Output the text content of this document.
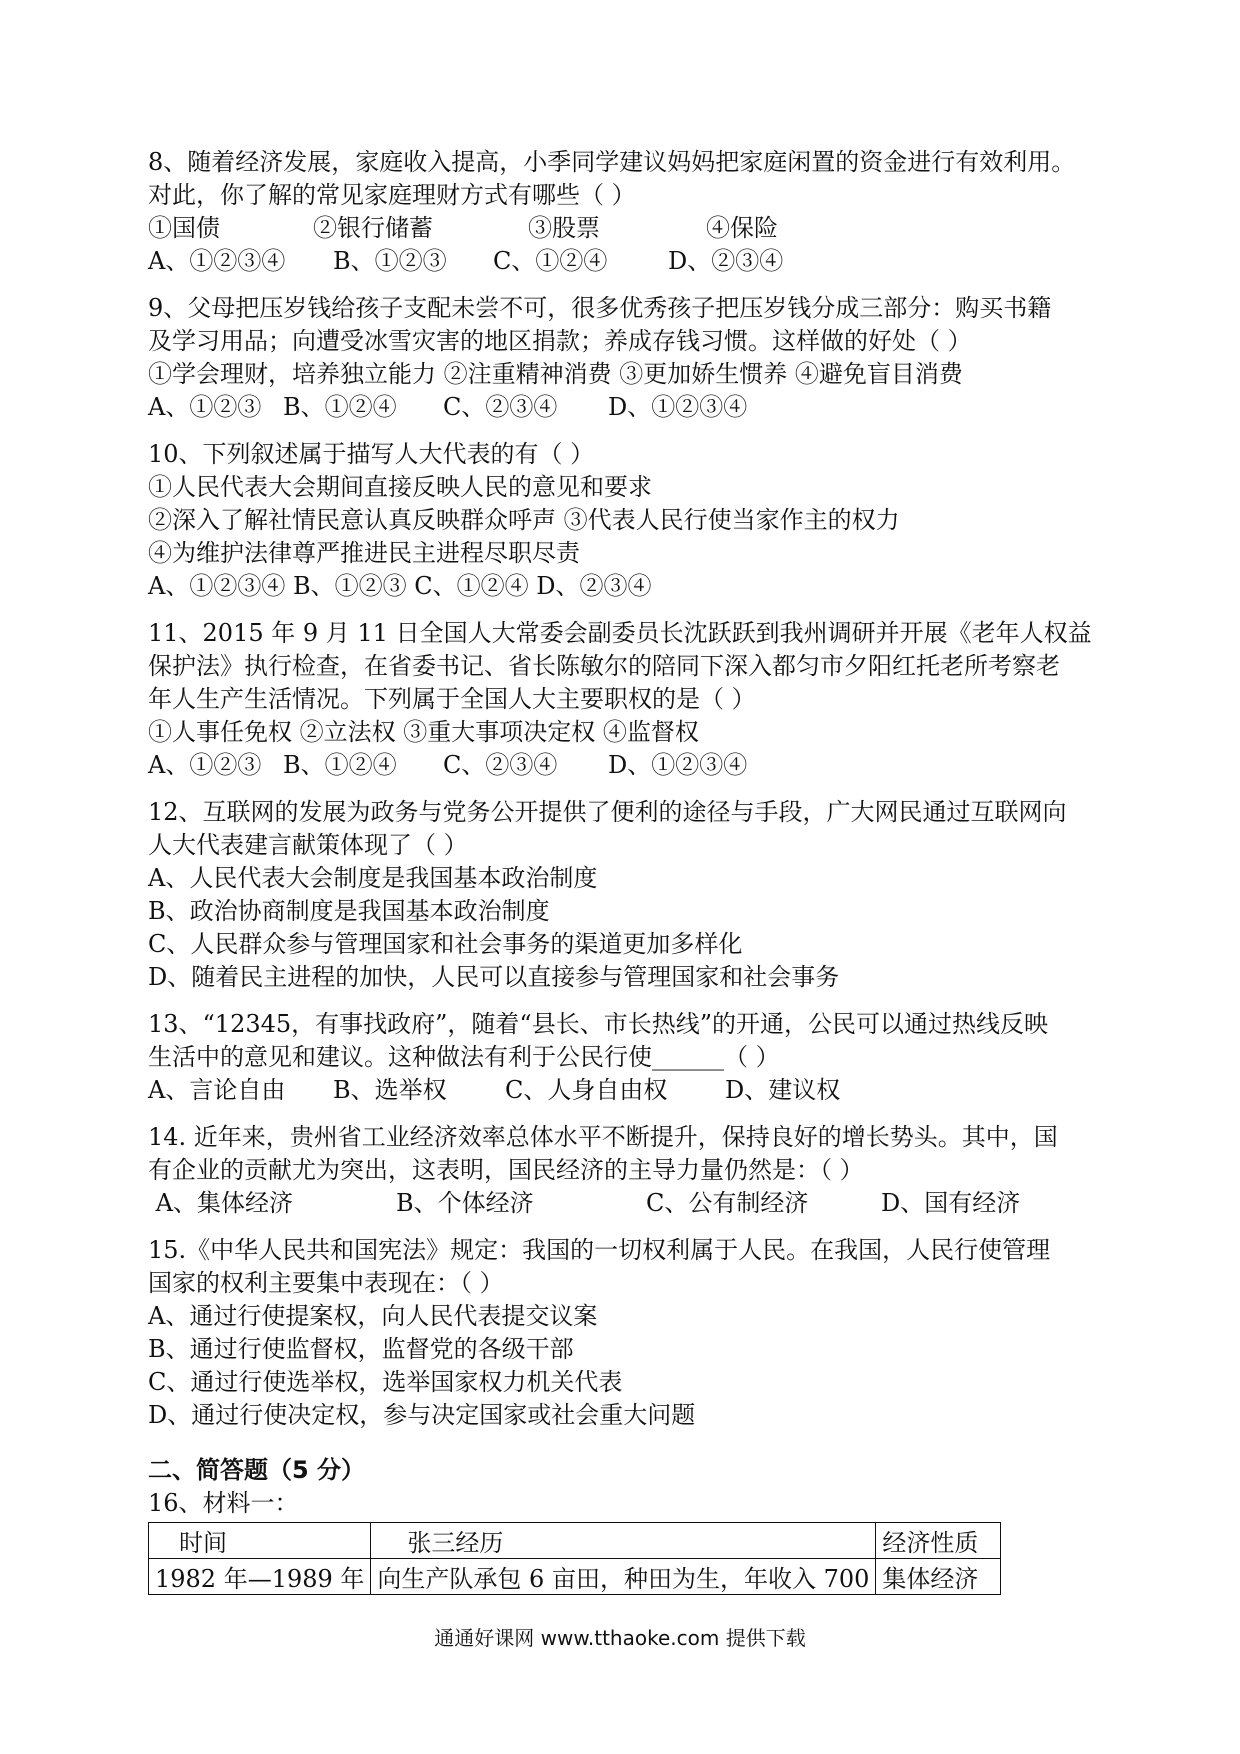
8、随着经济发展，家庭收入提高，小季同学建议妈妈把家庭闲置的资金进行有效利用。
对此，你了解的常见家庭理财方式有哪些（ ）
①国债	②银行储蓄	③股票	④保险
A、①②③④	B、①②③	C、①②④	D、②③④
9、父母把压岁钱给孩子支配未尝不可，很多优秀孩子把压岁钱分成三部分：购买书籍
及学习用品；向遭受冰雪灾害的地区捐款；养成存钱习惯。这样做的好处（ ）
①学会理财，培养独立能力 ②注重精神消费 ③更加娇生惯养 ④避免盲目消费
A、①②③ B、①②④	C、②③④	D、①②③④
10、下列叙述属于描写人大代表的有（ ）
①人民代表大会期间直接反映人民的意见和要求
②深入了解社情民意认真反映群众呼声 ③代表人民行使当家作主的权力
④为维护法律尊严推进民主进程尽职尽责
A、①②③④ B、①②③ C、①②④ D、②③④
11、2015 年 9 月 11 日全国人大常委会副委员长沈跃跃到我州调研并开展《老年人权益
保护法》执行检查，在省委书记、省长陈敏尔的陪同下深入都匀市夕阳红托老所考察老
年人生产生活情况。下列属于全国人大主要职权的是（ ）
①人事任免权 ②立法权 ③重大事项决定权 ④监督权
A、①②③ B、①②④	C、②③④	D、①②③④
12、互联网的发展为政务与党务公开提供了便利的途径与手段，广大网民通过互联网向
人大代表建言献策体现了（ ）
A、人民代表大会制度是我国基本政治制度
B、政治协商制度是我国基本政治制度
C、人民群众参与管理国家和社会事务的渠道更加多样化
D、随着民主进程的加快，人民可以直接参与管理国家和社会事务
13、“12345，有事找政府”，随着“县长、市长热线”的开通，公民可以通过热线反映
生活中的意见和建议。这种做法有利于公民行使______（ ）
A、言论自由	B、选举权	C、人身自由权	D、建议权
14. 近年来，贵州省工业经济效率总体水平不断提升，保持良好的增长势头。其中，国
有企业的贡献尤为突出，这表明，国民经济的主导力量仍然是：（ ）
A、集体经济	B、个体经济	C、公有制经济	D、国有经济
15.《中华人民共和国宪法》规定：我国的一切权利属于人民。在我国，人民行使管理
国家的权利主要集中表现在：（ ）
A、通过行使提案权，向人民代表提交议案
B、通过行使监督权，监督党的各级干部
C、通过行使选举权，选举国家权力机关代表
D、通过行使决定权，参与决定国家或社会重大问题
二、简答题（5 分）
16、材料一：
时间	张三经历	经济性质
1982 年—1989 年	向生产队承包 6 亩田，种田为生，年收入 700	集体经济
通通好课网 www.tthaoke.com 提供下载
